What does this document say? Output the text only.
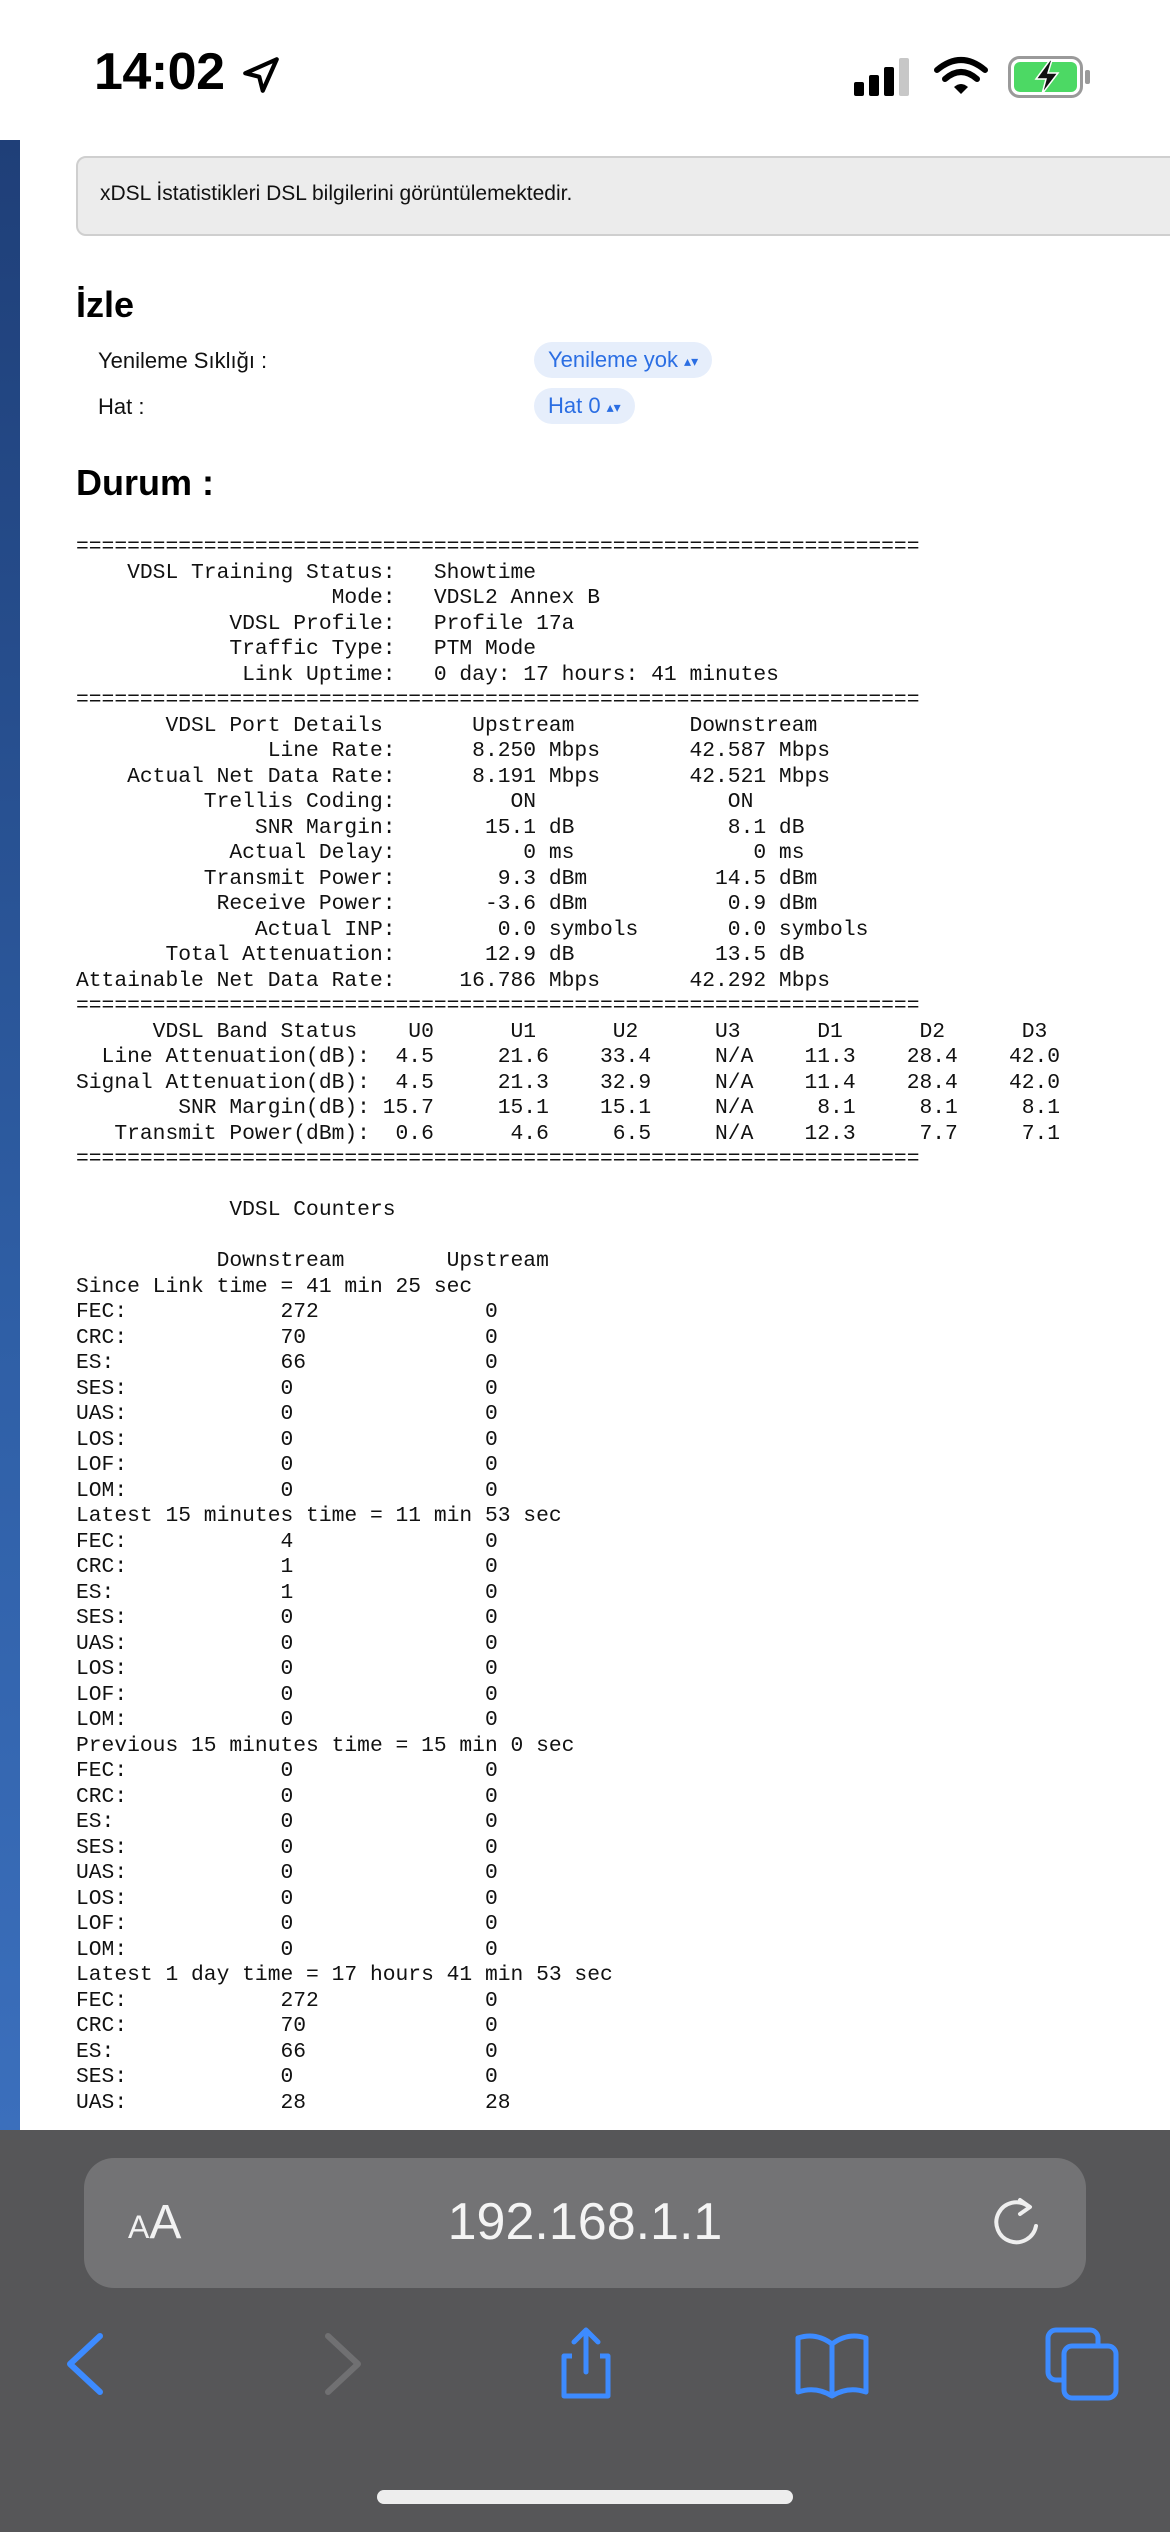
14:02
xDSL İstatistikleri DSL bilgilerini görüntülemektedir.
İzle
Yenileme Sıklığı :	Yenileme yok ▴▾
Hat :	Hat 0 ▴▾
Durum :
==================================================================
VDSL Training Status:   Showtime
Mode:   VDSL2 Annex B
VDSL Profile:   Profile 17a
Traffic Type:   PTM Mode
Link Uptime:   0 day: 17 hours: 41 minutes
==================================================================
VDSL Port Details       Upstream         Downstream
Line Rate:      8.250 Mbps       42.587 Mbps
Actual Net Data Rate:      8.191 Mbps       42.521 Mbps
Trellis Coding:         ON               ON
SNR Margin:       15.1 dB            8.1 dB
Actual Delay:          0 ms              0 ms
Transmit Power:        9.3 dBm          14.5 dBm
Receive Power:       -3.6 dBm           0.9 dBm
Actual INP:        0.0 symbols       0.0 symbols
Total Attenuation:       12.9 dB           13.5 dB
Attainable Net Data Rate:     16.786 Mbps       42.292 Mbps
==================================================================
VDSL Band Status    U0      U1      U2      U3      D1      D2      D3
Line Attenuation(dB):  4.5     21.6    33.4     N/A    11.3    28.4    42.0
Signal Attenuation(dB):  4.5     21.3    32.9     N/A    11.4    28.4    42.0
SNR Margin(dB): 15.7     15.1    15.1     N/A     8.1     8.1     8.1
Transmit Power(dBm):  0.6      4.6     6.5     N/A    12.3     7.7     7.1
==================================================================

VDSL Counters

Downstream        Upstream
Since Link time = 41 min 25 sec
FEC:            272             0
CRC:            70              0
ES:             66              0
SES:            0               0
UAS:            0               0
LOS:            0               0
LOF:            0               0
LOM:            0               0
Latest 15 minutes time = 11 min 53 sec
FEC:            4               0
CRC:            1               0
ES:             1               0
SES:            0               0
UAS:            0               0
LOS:            0               0
LOF:            0               0
LOM:            0               0
Previous 15 minutes time = 15 min 0 sec
FEC:            0               0
CRC:            0               0
ES:             0               0
SES:            0               0
UAS:            0               0
LOS:            0               0
LOF:            0               0
LOM:            0               0
Latest 1 day time = 17 hours 41 min 53 sec
FEC:            272             0
CRC:            70              0
ES:             66              0
SES:            0               0
UAS:            28              28
AA	192.168.1.1
